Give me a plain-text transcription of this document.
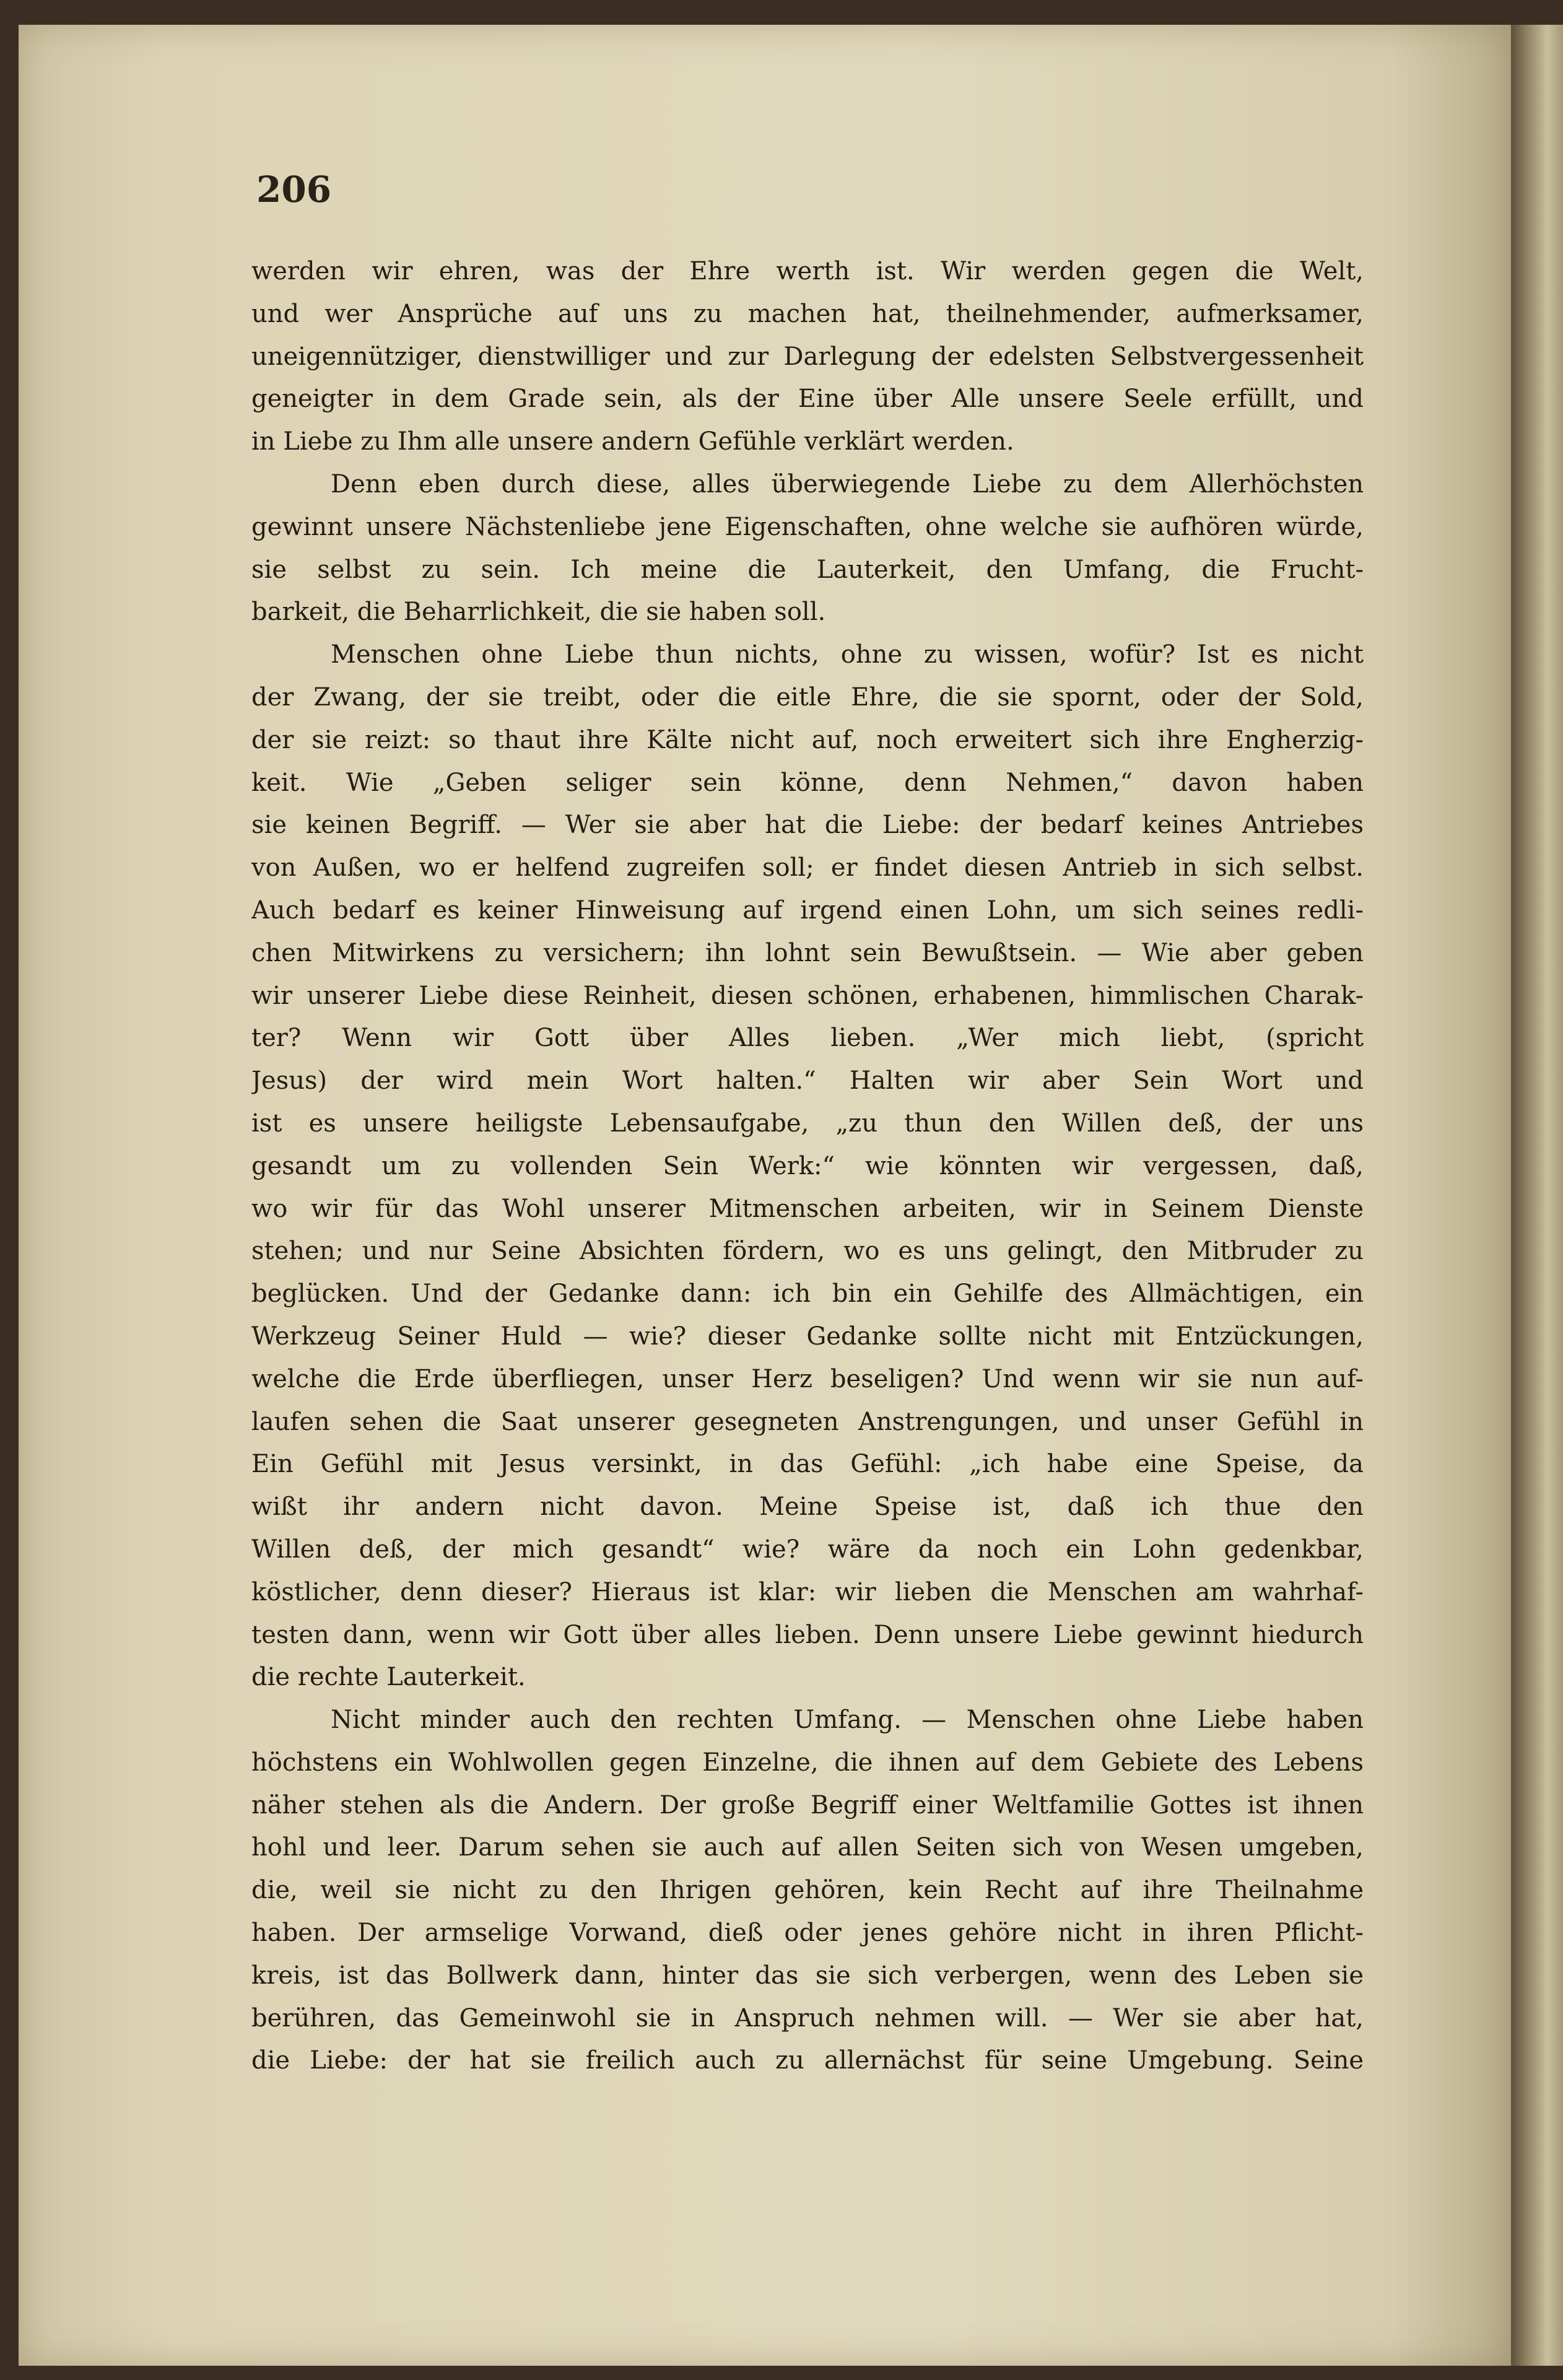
206
werden wir ehren, was der Ehre werth ist. Wir werden gegen die Welt,
und wer Ansprüche auf uns zu machen hat, theilnehmender, aufmerksamer,
uneigennütziger, dienstwilliger und zur Darlegung der edelsten Selbstvergessenheit
geneigter in dem Grade sein, als der Eine über Alle unsere Seele erfüllt, und
in Liebe zu Ihm alle unsere andern Gefühle verklärt werden.
Denn eben durch diese, alles überwiegende Liebe zu dem Allerhöchsten
gewinnt unsere Nächstenliebe jene Eigenschaften, ohne welche sie aufhören würde,
sie selbst zu sein. Ich meine die Lauterkeit, den Umfang, die Frucht-
barkeit, die Beharrlichkeit, die sie haben soll.
Menschen ohne Liebe thun nichts, ohne zu wissen, wofür? Ist es nicht
der Zwang, der sie treibt, oder die eitle Ehre, die sie spornt, oder der Sold,
der sie reizt: so thaut ihre Kälte nicht auf, noch erweitert sich ihre Engherzig-
keit. Wie „Geben seliger sein könne, denn Nehmen,“ davon haben
sie keinen Begriff. — Wer sie aber hat die Liebe: der bedarf keines Antriebes
von Außen, wo er helfend zugreifen soll; er findet diesen Antrieb in sich selbst.
Auch bedarf es keiner Hinweisung auf irgend einen Lohn, um sich seines redli-
chen Mitwirkens zu versichern; ihn lohnt sein Bewußtsein. — Wie aber geben
wir unserer Liebe diese Reinheit, diesen schönen, erhabenen, himmlischen Charak-
ter? Wenn wir Gott über Alles lieben. „Wer mich liebt, (spricht
Jesus) der wird mein Wort halten.“ Halten wir aber Sein Wort und
ist es unsere heiligste Lebensaufgabe, „zu thun den Willen deß, der uns
gesandt um zu vollenden Sein Werk:“ wie könnten wir vergessen, daß,
wo wir für das Wohl unserer Mitmenschen arbeiten, wir in Seinem Dienste
stehen; und nur Seine Absichten fördern, wo es uns gelingt, den Mitbruder zu
beglücken. Und der Gedanke dann: ich bin ein Gehilfe des Allmächtigen, ein
Werkzeug Seiner Huld — wie? dieser Gedanke sollte nicht mit Entzückungen,
welche die Erde überfliegen, unser Herz beseligen? Und wenn wir sie nun auf-
laufen sehen die Saat unserer gesegneten Anstrengungen, und unser Gefühl in
Ein Gefühl mit Jesus versinkt, in das Gefühl: „ich habe eine Speise, da
wißt ihr andern nicht davon. Meine Speise ist, daß ich thue den
Willen deß, der mich gesandt“ wie? wäre da noch ein Lohn gedenkbar,
köstlicher, denn dieser? Hieraus ist klar: wir lieben die Menschen am wahrhaf-
testen dann, wenn wir Gott über alles lieben. Denn unsere Liebe gewinnt hiedurch
die rechte Lauterkeit.
Nicht minder auch den rechten Umfang. — Menschen ohne Liebe haben
höchstens ein Wohlwollen gegen Einzelne, die ihnen auf dem Gebiete des Lebens
näher stehen als die Andern. Der große Begriff einer Weltfamilie Gottes ist ihnen
hohl und leer. Darum sehen sie auch auf allen Seiten sich von Wesen umgeben,
die, weil sie nicht zu den Ihrigen gehören, kein Recht auf ihre Theilnahme
haben. Der armselige Vorwand, dieß oder jenes gehöre nicht in ihren Pflicht-
kreis, ist das Bollwerk dann, hinter das sie sich verbergen, wenn des Leben sie
berühren, das Gemeinwohl sie in Anspruch nehmen will. — Wer sie aber hat,
die Liebe: der hat sie freilich auch zu allernächst für seine Umgebung. Seine
